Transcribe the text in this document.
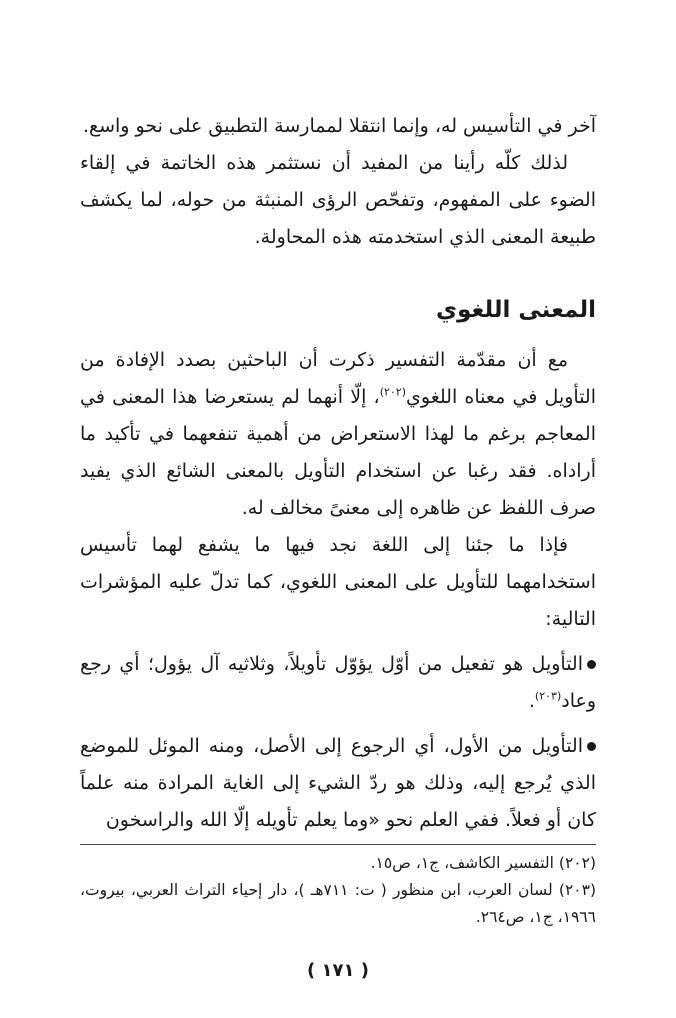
آخر في التأسيس له، وإنما انتقلا لممارسة التطبيق على نحو واسع.

لذلك كلّه رأينا من المفيد أن نستثمر هذه الخاتمة في إلقاء الضوء على المفهوم، وتفحّص الرؤى المنبثة من حوله، لما يكشف طبيعة المعنى الذي استخدمته هذه المحاولة.

المعنى اللغوي

مع أن مقدّمة التفسير ذكرت أن الباحثين بصدد الإفادة من التأويل في معناه اللغوي$^{(٢٠٢)}$، إلّا أنهما لم يستعرضا هذا المعنى في المعاجم برغم ما لهذا الاستعراض من أهمية تنفعهما في تأكيد ما أراداه. فقد رغبا عن استخدام التأويل بالمعنى الشائع الذي يفيد صرف اللفظ عن ظاهره إلى معنىً مخالف له.

فإذا ما جئنا إلى اللغة نجد فيها ما يشفع لهما تأسيس استخدامهما للتأويل على المعنى اللغوي، كما تدلّ عليه المؤشرات التالية:

التأويل هو تفعيل من أوّل يؤوّل تأويلاً، وثلاثيه آل يؤول؛ أي رجع وعاد$^{(٢٠٣)}$.

التأويل من الأول، أي الرجوع إلى الأصل، ومنه الموئل للموضع الذي يُرجع إليه، وذلك هو ردّ الشيء إلى الغاية المرادة منه علماً كان أو فعلاً. ففي العلم نحو «وما يعلم تأويله إلّا الله والراسخون

(٢٠٢) التفسير الكاشف، ج١، ص١٥.

(٢٠٣) لسان العرب، ابن منظور ( ت: ٧١١هـ )، دار إحياء التراث العربي، بيروت، ١٩٦٦، ج١، ص٢٦٤.

( ١٧١ )
